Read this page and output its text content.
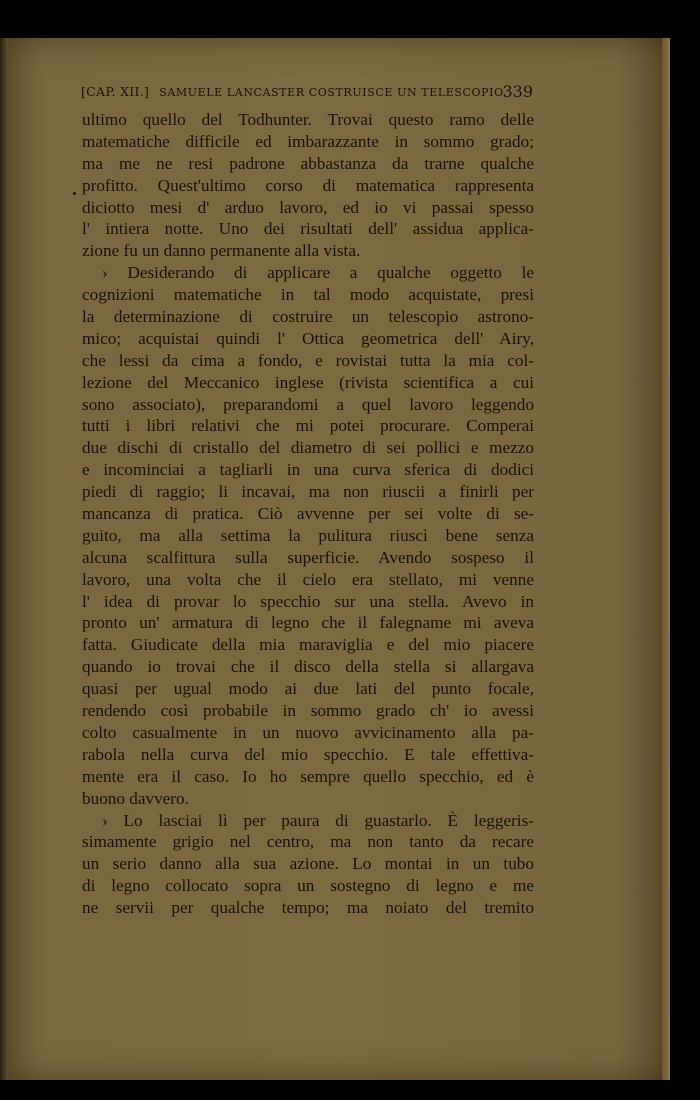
[CAP. XII.] SAMUELE LANCASTER COSTRUISCE UN TELESCOPIO.
339
ultimo quello del Todhunter. Trovai questo ramo delle
matematiche difficile ed imbarazzante in sommo grado;
ma me ne resi padrone abbastanza da trarne qualche
profitto. Quest'ultimo corso di matematica rappresenta
diciotto mesi d' arduo lavoro, ed io vi passai spesso
l' intiera notte. Uno dei risultati dell' assidua applica-
zione fu un danno permanente alla vista.
› Desiderando di applicare a qualche oggetto le
cognizioni matematiche in tal modo acquistate, presi
la determinazione di costruire un telescopio astrono-
mico; acquistai quindi l' Ottica geometrica dell' Airy,
che lessi da cima a fondo, e rovistai tutta la mia col-
lezione del Meccanico inglese (rivista scientifica a cui
sono associato), preparandomi a quel lavoro leggendo
tutti i libri relativi che mi potei procurare. Comperai
due dischi di cristallo del diametro di sei pollici e mezzo
e incominciai a tagliarli in una curva sferica di dodici
piedi di raggio; li incavai, ma non riuscii a finirli per
mancanza di pratica. Ciò avvenne per sei volte di se-
guito, ma alla settima la pulitura riuscì bene senza
alcuna scalfittura sulla superficie. Avendo sospeso il
lavoro, una volta che il cielo era stellato, mi venne
l' idea di provar lo specchio sur una stella. Avevo in
pronto un' armatura di legno che il falegname mi aveva
fatta. Giudicate della mia maraviglia e del mio piacere
quando io trovai che il disco della stella si allargava
quasi per ugual modo ai due lati del punto focale,
rendendo così probabile in sommo grado ch' io avessi
colto casualmente in un nuovo avvicinamento alla pa-
rabola nella curva del mio specchio. E tale effettiva-
mente era il caso. Io ho sempre quello specchio, ed è
buono davvero.
› Lo lasciai lì per paura di guastarlo. È leggeris-
simamente grigio nel centro, ma non tanto da recare
un serio danno alla sua azione. Lo montai in un tubo
di legno collocato sopra un sostegno di legno e me
ne servii per qualche tempo; ma noiato del tremito
